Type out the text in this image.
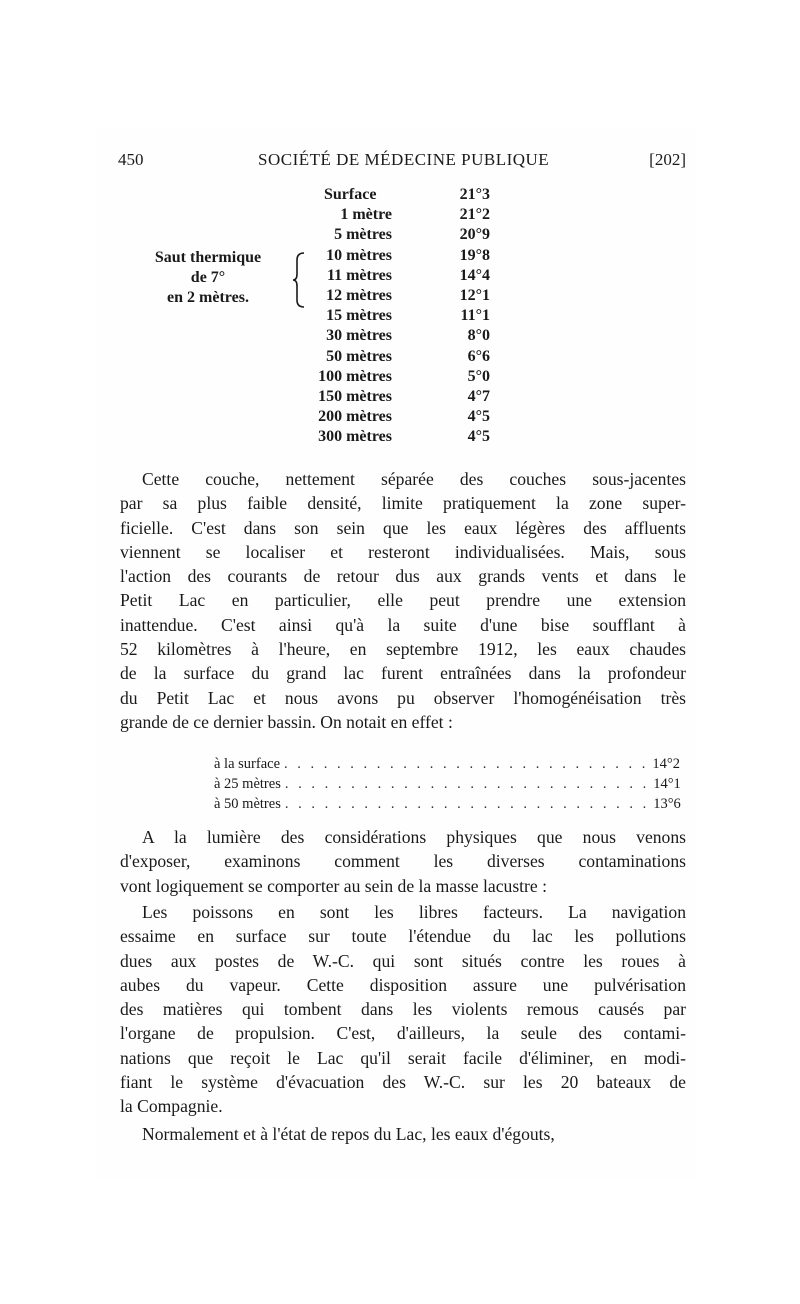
450	SOCIÉTÉ DE MÉDECINE PUBLIQUE	[202]
Surface	21°3
1 mètre	21°2
5 mètres	20°9
10 mètres	19°8
11 mètres	14°4
12 mètres	12°1
15 mètres	11°1
30 mètres	8°0
50 mètres	6°6
100 mètres	5°0
150 mètres	4°7
200 mètres	4°5
300 mètres	4°5
Saut thermique
de 7°
en 2 mètres.
Cette couche, nettement séparée des couches sous-jacentes
par sa plus faible densité, limite pratiquement la zone super-
ficielle. C'est dans son sein que les eaux légères des affluents
viennent se localiser et resteront individualisées. Mais, sous
l'action des courants de retour dus aux grands vents et dans le
Petit Lac en particulier, elle peut prendre une extension
inattendue. C'est ainsi qu'à la suite d'une bise soufflant à
52 kilomètres à l'heure, en septembre 1912, les eaux chaudes
de la surface du grand lac furent entraînées dans la profondeur
du Petit Lac et nous avons pu observer l'homogénéisation très
grande de ce dernier bassin. On notait en effet :
à la surface . . . . . . . . . . . . . . . . . . . . . . . . . . . . 14°2
à 25 mètres . . . . . . . . . . . . . . . . . . . . . . . . . . . . 14°1
à 50 mètres . . . . . . . . . . . . . . . . . . . . . . . . . . . . 13°6
A la lumière des considérations physiques que nous venons
d'exposer, examinons comment les diverses contaminations
vont logiquement se comporter au sein de la masse lacustre :
Les poissons en sont les libres facteurs. La navigation
essaime en surface sur toute l'étendue du lac les pollutions
dues aux postes de W.-C. qui sont situés contre les roues à
aubes du vapeur. Cette disposition assure une pulvérisation
des matières qui tombent dans les violents remous causés par
l'organe de propulsion. C'est, d'ailleurs, la seule des contami-
nations que reçoit le Lac qu'il serait facile d'éliminer, en modi-
fiant le système d'évacuation des W.-C. sur les 20 bateaux de
la Compagnie.
Normalement et à l'état de repos du Lac, les eaux d'égouts,
